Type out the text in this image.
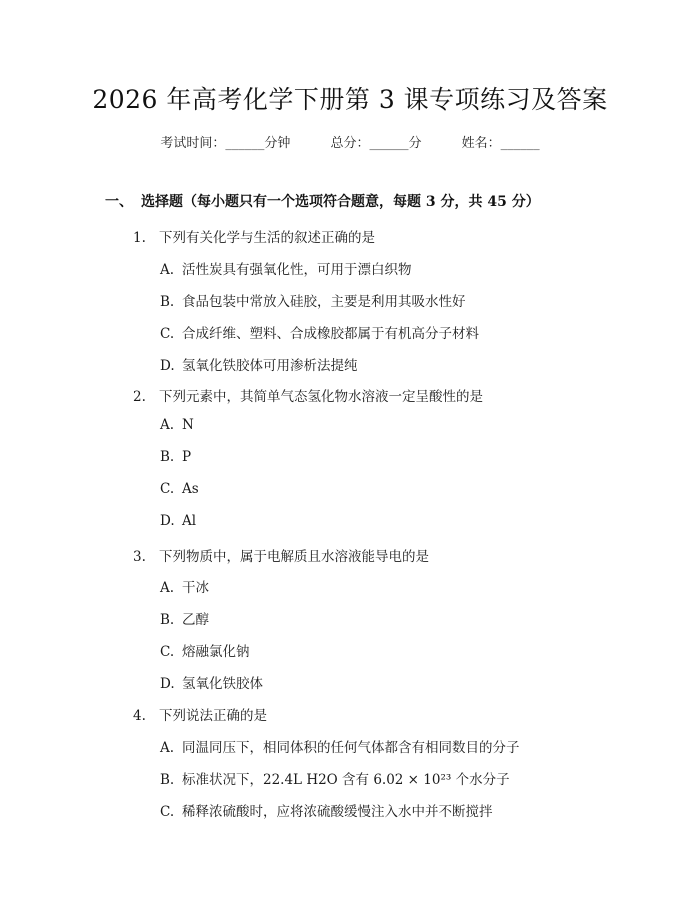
2026 年高考化学下册第 3 课专项练习及答案
考试时间：______分钟	总分：______分	姓名：______
一、 选择题（每小题只有一个选项符合题意，每题 3 分，共 45 分）
1. 下列有关化学与生活的叙述正确的是
A. 活性炭具有强氧化性，可用于漂白织物
B. 食品包装中常放入硅胶，主要是利用其吸水性好
C. 合成纤维、塑料、合成橡胶都属于有机高分子材料
D. 氢氧化铁胶体可用渗析法提纯
2. 下列元素中，其简单气态氢化物水溶液一定呈酸性的是
A. N
B. P
C. As
D. Al
3. 下列物质中，属于电解质且水溶液能导电的是
A. 干冰
B. 乙醇
C. 熔融氯化钠
D. 氢氧化铁胶体
4. 下列说法正确的是
A. 同温同压下，相同体积的任何气体都含有相同数目的分子
B. 标准状况下，22.4L H2O 含有 6.02 × 10²³ 个水分子
C. 稀释浓硫酸时，应将浓硫酸缓慢注入水中并不断搅拌
